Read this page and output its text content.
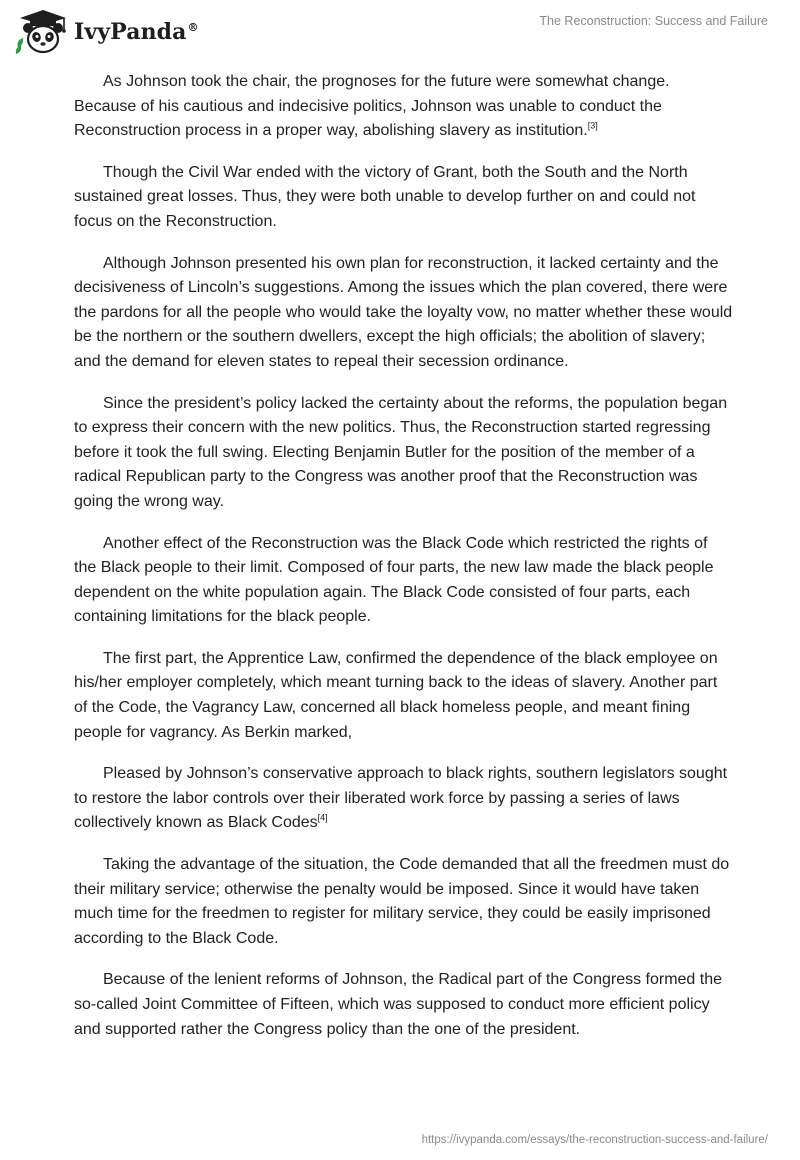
IvyPanda®	The Reconstruction: Success and Failure

As Johnson took the chair, the prognoses for the future were somewhat change. Because of his cautious and indecisive politics, Johnson was unable to conduct the Reconstruction process in a proper way, abolishing slavery as institution.[3]

Though the Civil War ended with the victory of Grant, both the South and the North sustained great losses. Thus, they were both unable to develop further on and could not focus on the Reconstruction.

Although Johnson presented his own plan for reconstruction, it lacked certainty and the decisiveness of Lincoln’s suggestions. Among the issues which the plan covered, there were the pardons for all the people who would take the loyalty vow, no matter whether these would be the northern or the southern dwellers, except the high officials; the abolition of slavery; and the demand for eleven states to repeal their secession ordinance.

Since the president’s policy lacked the certainty about the reforms, the population began to express their concern with the new politics. Thus, the Reconstruction started regressing before it took the full swing. Electing Benjamin Butler for the position of the member of a radical Republican party to the Congress was another proof that the Reconstruction was going the wrong way.

Another effect of the Reconstruction was the Black Code which restricted the rights of the Black people to their limit. Composed of four parts, the new law made the black people dependent on the white population again. The Black Code consisted of four parts, each containing limitations for the black people.

The first part, the Apprentice Law, confirmed the dependence of the black employee on his/her employer completely, which meant turning back to the ideas of slavery. Another part of the Code, the Vagrancy Law, concerned all black homeless people, and meant fining people for vagrancy. As Berkin marked,

Pleased by Johnson’s conservative approach to black rights, southern legislators sought to restore the labor controls over their liberated work force by passing a series of laws collectively known as Black Codes[4]

Taking the advantage of the situation, the Code demanded that all the freedmen must do their military service; otherwise the penalty would be imposed. Since it would have taken much time for the freedmen to register for military service, they could be easily imprisoned according to the Black Code.

Because of the lenient reforms of Johnson, the Radical part of the Congress formed the so-called Joint Committee of Fifteen, which was supposed to conduct more efficient policy and supported rather the Congress policy than the one of the president.

https://ivypanda.com/essays/the-reconstruction-success-and-failure/
